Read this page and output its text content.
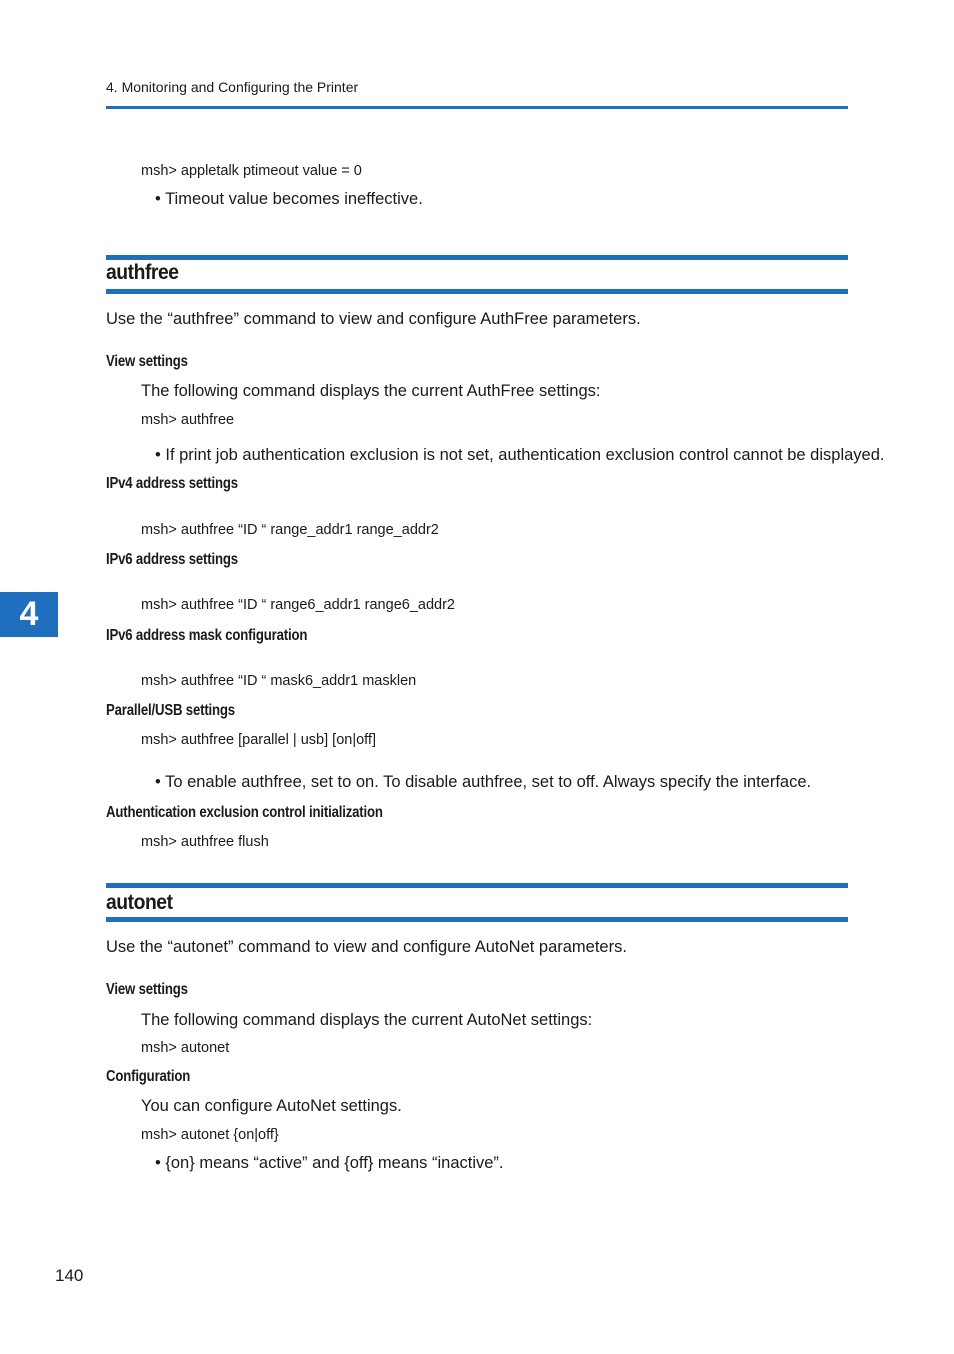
4. Monitoring and Configuring the Printer
msh> appletalk ptimeout value = 0
• Timeout value becomes ineffective.
authfree
Use the “authfree” command to view and configure AuthFree parameters.
View settings
The following command displays the current AuthFree settings:
msh> authfree
• If print job authentication exclusion is not set, authentication exclusion control cannot be displayed.
IPv4 address settings
msh> authfree “ID “ range_addr1 range_addr2
IPv6 address settings
msh> authfree “ID “ range6_addr1 range6_addr2
IPv6 address mask configuration
msh> authfree “ID “ mask6_addr1 masklen
Parallel/USB settings
msh> authfree [parallel | usb] [on|off]
• To enable authfree, set to on. To disable authfree, set to off. Always specify the interface.
Authentication exclusion control initialization
msh> authfree flush
autonet
Use the “autonet” command to view and configure AutoNet parameters.
View settings
The following command displays the current AutoNet settings:
msh> autonet
Configuration
You can configure AutoNet settings.
msh> autonet {on|off}
• {on} means “active” and {off} means “inactive”.
4
140
